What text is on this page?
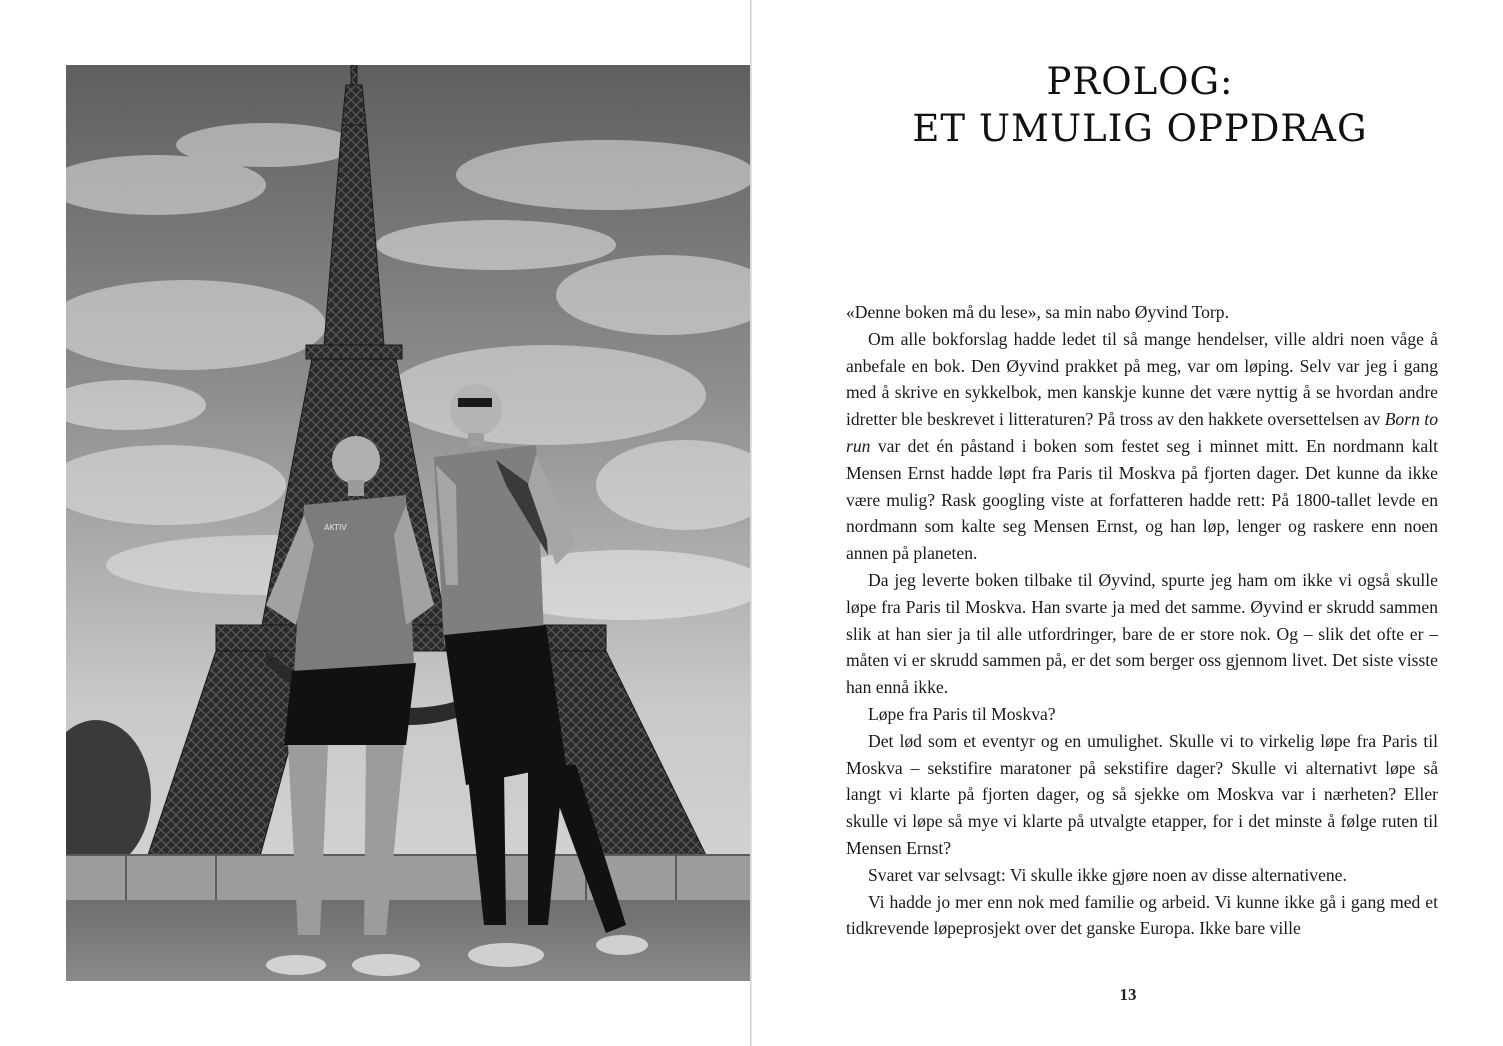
AKTIV
PROLOG:
ET UMULIG OPPDRAG

«Denne boken må du lese», sa min nabo Øyvind Torp.

Om alle bokforslag hadde ledet til så mange hendelser, ville aldri noen våge å anbefale en bok. Den Øyvind prakket på meg, var om løping. Selv var jeg i gang med å skrive en sykkelbok, men kanskje kunne det være nyttig å se hvordan andre idretter ble beskrevet i litteraturen? På tross av den hakkete oversettelsen av Born to run var det én påstand i boken som festet seg i minnet mitt. En nordmann kalt Mensen Ernst hadde løpt fra Paris til Moskva på fjorten dager. Det kunne da ikke være mulig? Rask googling viste at forfatteren hadde rett: På 1800-tallet levde en nordmann som kalte seg Mensen Ernst, og han løp, lenger og raskere enn noen annen på planeten.

Da jeg leverte boken tilbake til Øyvind, spurte jeg ham om ikke vi også skulle løpe fra Paris til Moskva. Han svarte ja med det samme. Øyvind er skrudd sammen slik at han sier ja til alle utfordringer, bare de er store nok. Og – slik det ofte er – måten vi er skrudd sammen på, er det som berger oss gjennom livet. Det siste visste han ennå ikke.

Løpe fra Paris til Moskva?

Det lød som et eventyr og en umulighet. Skulle vi to virkelig løpe fra Paris til Moskva – sekstifire maratoner på sekstifire dager? Skulle vi alternativt løpe så langt vi klarte på fjorten dager, og så sjekke om Moskva var i nærheten? Eller skulle vi løpe så mye vi klarte på utvalgte etapper, for i det minste å følge ruten til Mensen Ernst?

Svaret var selvsagt: Vi skulle ikke gjøre noen av disse alternativene.

Vi hadde jo mer enn nok med familie og arbeid. Vi kunne ikke gå i gang med et tidkrevende løpeprosjekt over det ganske Europa. Ikke bare ville

13
